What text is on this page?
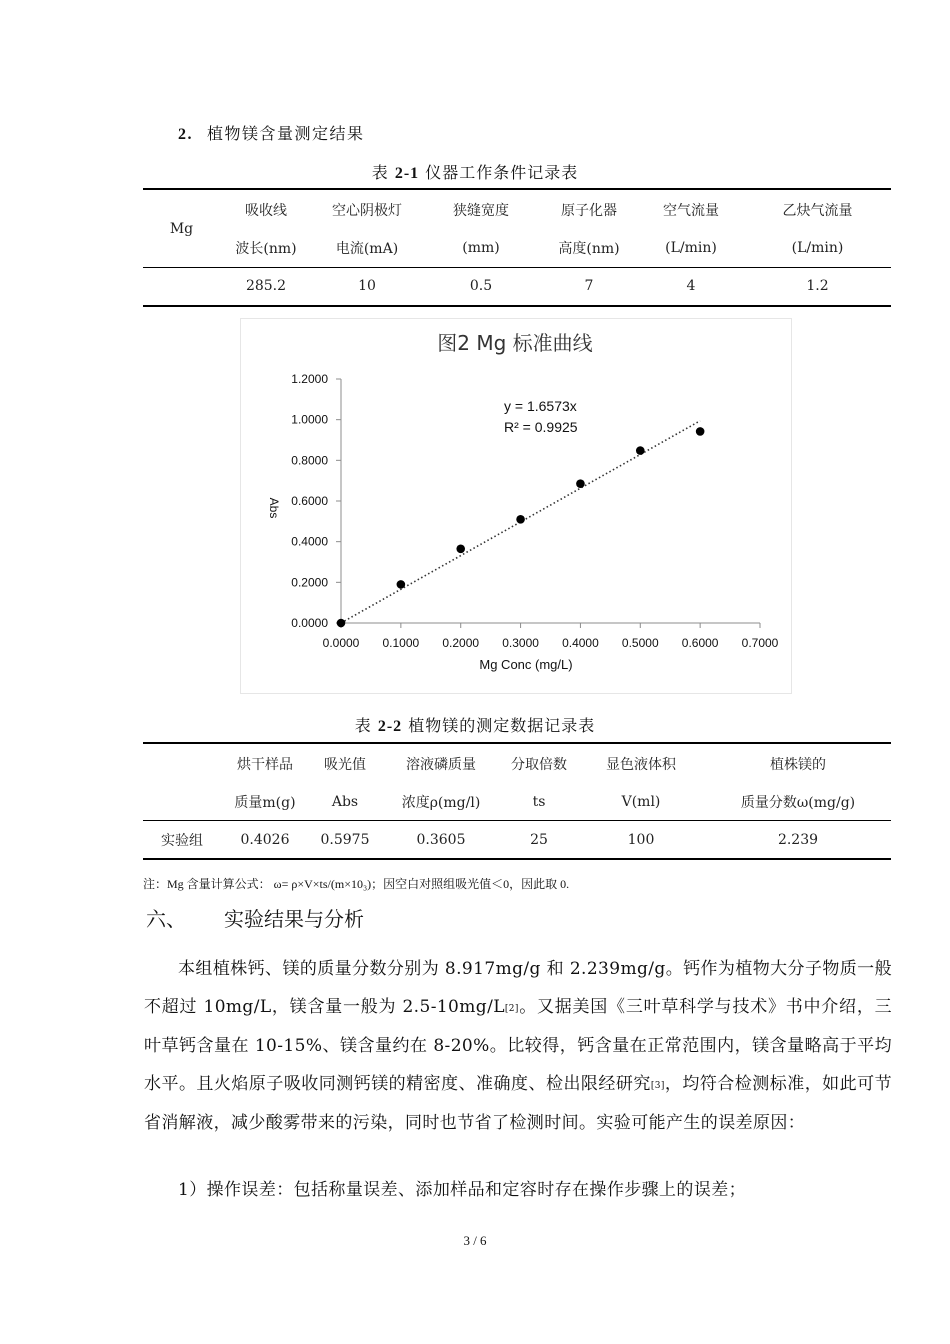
2. 植物镁含量测定结果
表 2-1 仪器工作条件记录表
Mg	吸收线	空心阴极灯	狭缝宽度	原子化器	空气流量	乙炔气流量
	波长(nm)	电流(mA)	(mm)	高度(nm)	(L/min)	(L/min)
	285.2	10	0.5	7	4	1.2
图2 Mg 标准曲线
0.0000
0.2000
0.4000
0.6000
0.8000
1.0000
1.2000
0.0000 0.1000 0.2000 0.3000 0.4000 0.5000 0.6000 0.7000
y = 1.6573x
R² = 0.9925
Abs
Mg Conc (mg/L)
表 2-2 植物镁的测定数据记录表
	烘干样品	吸光值	溶液磷质量	分取倍数	显色液体积	植株镁的
	质量m(g)	Abs	浓度ρ(mg/l)	ts	V(ml)	质量分数ω(mg/g)
实验组	0.4026	0.5975	0.3605	25	100	2.239
注：Mg 含量计算公式： ω= ρ×V×ts/(m×10₃)；因空白对照组吸光值＜0，因此取 0.
六、 实验结果与分析

本组植株钙、镁的质量分数分别为 8.917mg/g 和 2.239mg/g。钙作为植物大分子物质一般不超过 10mg/L，镁含量一般为 $2.5-10mg/L_{[2]}$。又据美国《三叶草科学与技术》书中介绍，三叶草钙含量在 10-15%、镁含量约在 8-20%。比较得，钙含量在正常范围内，镁含量略高于平均水平。且火焰原子吸收同测钙镁的精密度、准确度、检出限经研究$_{[3]}$，均符合检测标准，如此可节省消解液，减少酸雾带来的污染，同时也节省了检测时间。实验可能产生的误差原因：

1）操作误差：包括称量误差、添加样品和定容时存在操作步骤上的误差；
3 / 6
